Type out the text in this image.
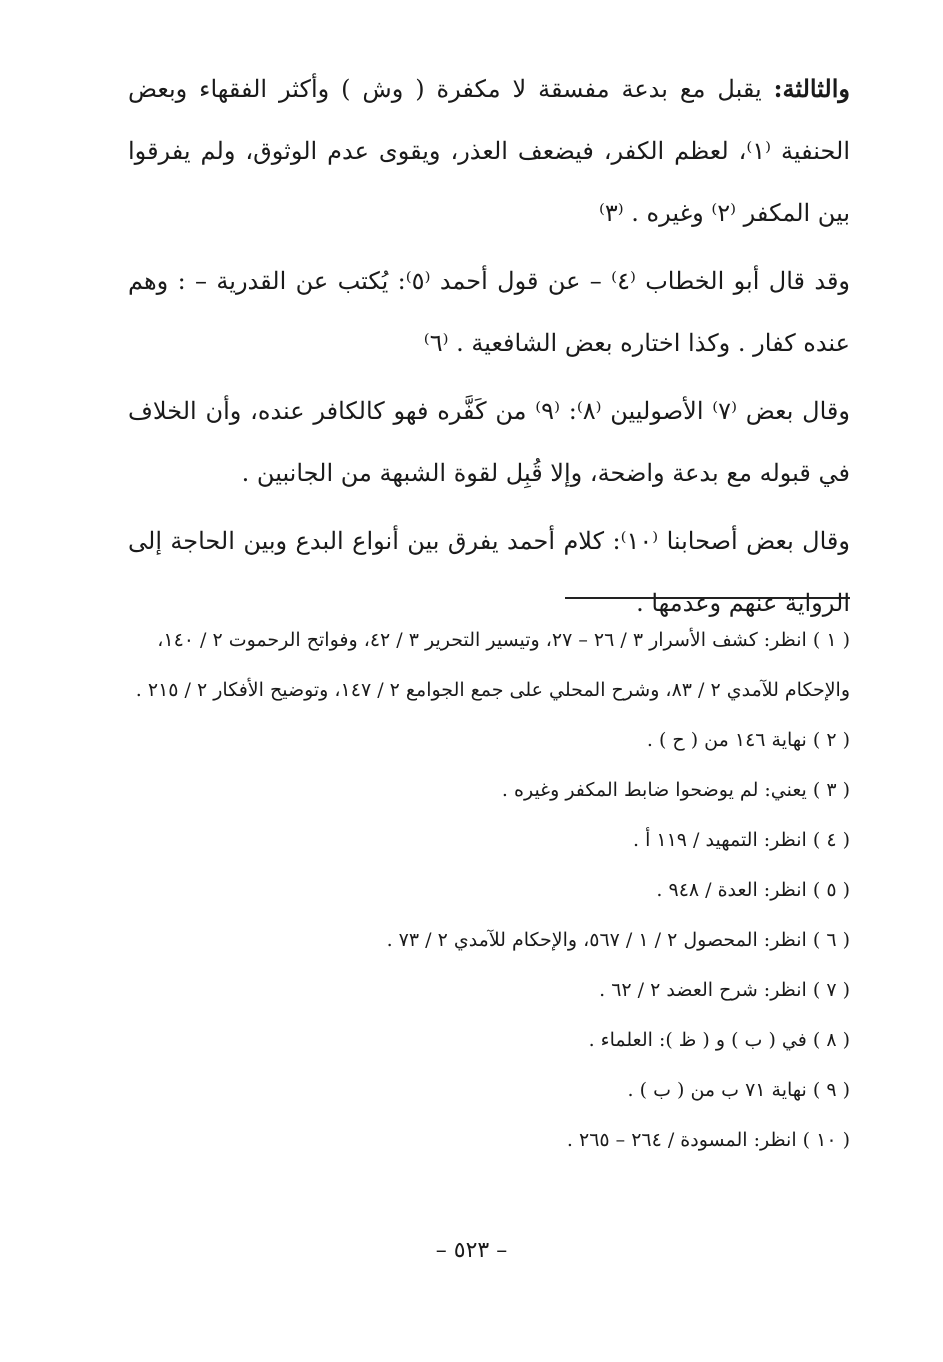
والثالثة: يقبل مع بدعة مفسقة لا مكفرة ( وش ) وأكثر الفقهاء وبعض الحنفية ⁽١⁾، لعظم الكفر، فيضعف العذر، ويقوى عدم الوثوق، ولم يفرقوا بين المكفر ⁽٢⁾ وغيره . ⁽٣⁾

وقد قال أبو الخطاب ⁽٤⁾ – عن قول أحمد ⁽٥⁾: يُكتب عن القدرية – : وهم عنده كفار . وكذا اختاره بعض الشافعية . ⁽٦⁾

وقال بعض ⁽٧⁾ الأصوليين ⁽٨⁾: ⁽٩⁾ من كَفَّره فهو كالكافر عنده، وأن الخلاف في قبوله مع بدعة واضحة، وإلا قُبِل لقوة الشبهة من الجانبين .

وقال بعض أصحابنا ⁽١٠⁾: كلام أحمد يفرق بين أنواع البدع وبين الحاجة إلى الرواية عنهم وعدمها .

( ١ ) انظر: كشف الأسرار ٣ / ٢٦ – ٢٧، وتيسير التحرير ٣ / ٤٢، وفواتح الرحموت ٢ / ١٤٠، والإحكام للآمدي ٢ / ٨٣، وشرح المحلي على جمع الجوامع ٢ / ١٤٧، وتوضيح الأفكار ٢ / ٢١٥ .

( ٢ ) نهاية ١٤٦ من ( ح ) .

( ٣ ) يعني: لم يوضحوا ضابط المكفر وغيره .

( ٤ ) انظر: التمهيد / ١١٩ أ .

( ٥ ) انظر: العدة / ٩٤٨ .

( ٦ ) انظر: المحصول ٢ / ١ / ٥٦٧، والإحكام للآمدي ٢ / ٧٣ .

( ٧ ) انظر: شرح العضد ٢ / ٦٢ .

( ٨ ) في ( ب ) و ( ظ ): العلماء .

( ٩ ) نهاية ٧١ ب من ( ب ) .

( ١٠ ) انظر: المسودة / ٢٦٤ – ٢٦٥ .

– ٥٢٣ –
